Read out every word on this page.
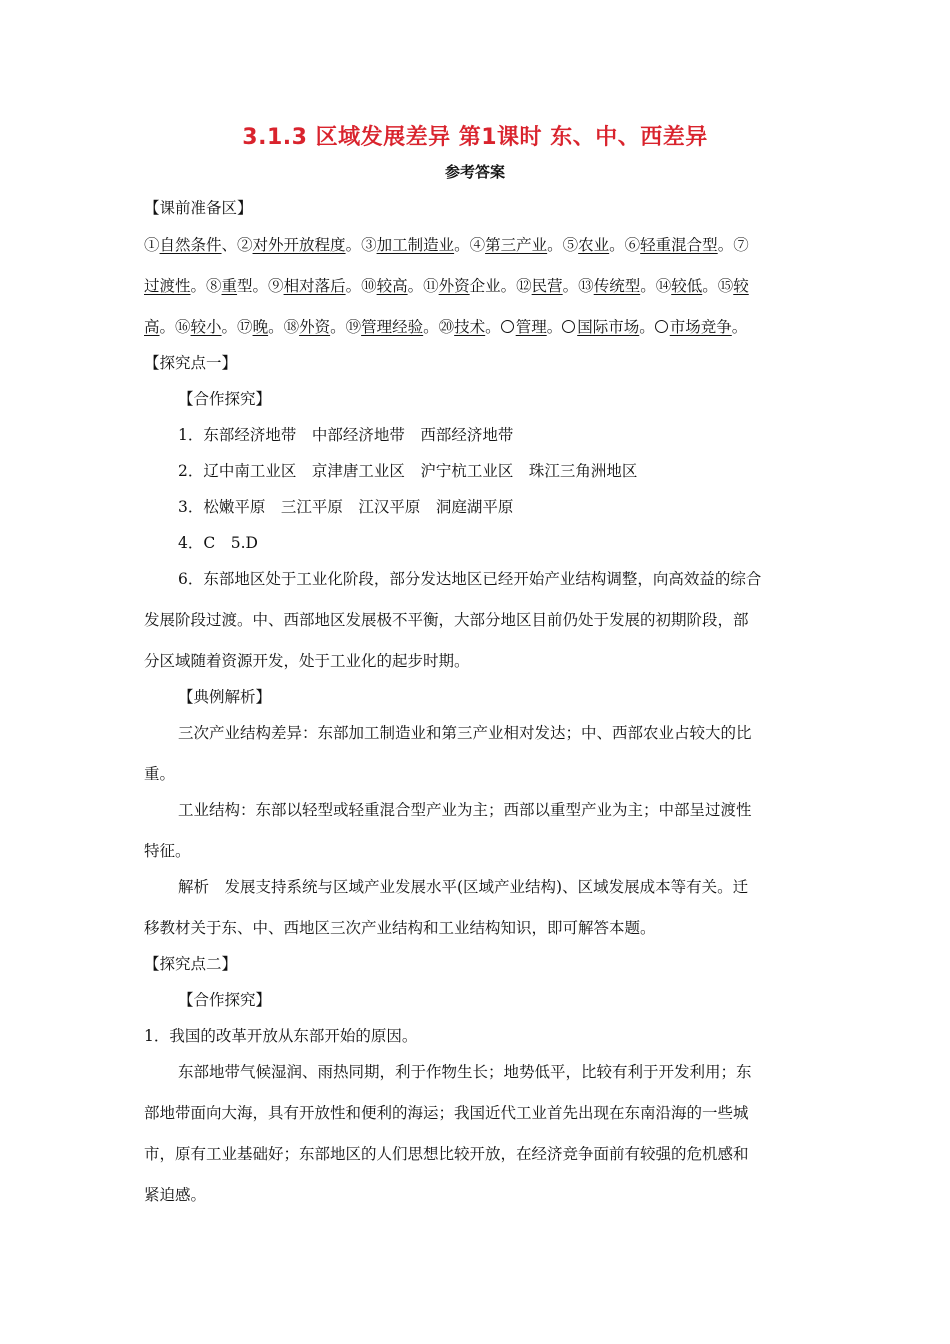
3.1.3 区域发展差异 第1课时 东、中、西差异
参考答案
【课前准备区】
①自然条件、②对外开放程度。③加工制造业。④第三产业。⑤农业。⑥轻重混合型。⑦
过渡性。⑧重型。⑨相对落后。⑩较高。⑪外资企业。⑫民营。⑬传统型。⑭较低。⑮较
高。⑯较小。⑰晚。⑱外资。⑲管理经验。⑳技术。 管理。 国际市场。 市场竞争。
【探究点一】
【合作探究】
1．东部经济地带　中部经济地带　西部经济地带
2．辽中南工业区　京津唐工业区　沪宁杭工业区　珠江三角洲地区
3．松嫩平原　三江平原　江汉平原　洞庭湖平原
4．C　5.D
6．东部地区处于工业化阶段，部分发达地区已经开始产业结构调整，向高效益的综合
发展阶段过渡。中、西部地区发展极不平衡，大部分地区目前仍处于发展的初期阶段，部
分区域随着资源开发，处于工业化的起步时期。
【典例解析】
三次产业结构差异：东部加工制造业和第三产业相对发达；中、西部农业占较大的比
重。
工业结构：东部以轻型或轻重混合型产业为主；西部以重型产业为主；中部呈过渡性
特征。
解析　发展支持系统与区域产业发展水平(区域产业结构)、区域发展成本等有关。迁
移教材关于东、中、西地区三次产业结构和工业结构知识，即可解答本题。
【探究点二】
【合作探究】
1．我国的改革开放从东部开始的原因。
东部地带气候湿润、雨热同期，利于作物生长；地势低平，比较有利于开发利用；东
部地带面向大海，具有开放性和便利的海运；我国近代工业首先出现在东南沿海的一些城
市，原有工业基础好；东部地区的人们思想比较开放，在经济竞争面前有较强的危机感和
紧迫感。
